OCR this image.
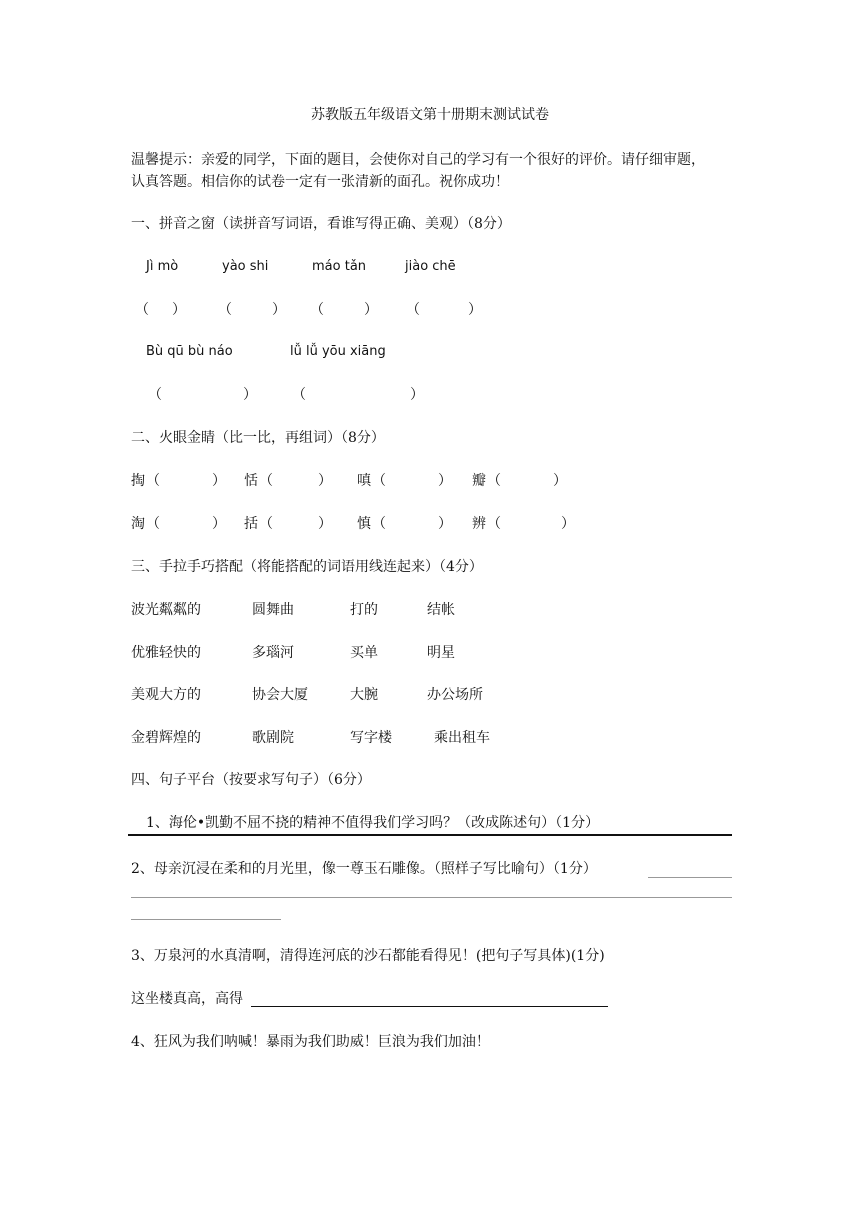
苏教版五年级语文第十册期末测试试卷
温馨提示：亲爱的同学，下面的题目，会使你对自己的学习有一个很好的评价。请仔细审题，
认真答题。相信你的试卷一定有一张清新的面孔。祝你成功！
一、拼音之窗（读拼音写词语，看谁写得正确、美观）（8分）
Jì mò	yào shi	máo tǎn	jiào chē
（ ） （	） （	） （	）
Bù qū bù náo	lǚ lǚ yōu xiāng
（	）	（	）
二、火眼金睛（比一比，再组词）（8分）
掏 （	） 恬 （	） 嗔 （	） 瓣 （	）
淘 （	） 括 （	） 慎 （	） 辨 （	）
三、手拉手巧搭配（将能搭配的词语用线连起来）（4分）
波光粼粼的	圆舞曲	打的	结帐
优雅轻快的	多瑙河	买单	明星
美观大方的	协会大厦	大腕	办公场所
金碧辉煌的	歌剧院	写字楼	乘出租车
四、句子平台（按要求写句子）（6分）
1、海伦•凯勤不屈不挠的精神不值得我们学习吗？（改成陈述句）（1分）
2、母亲沉浸在柔和的月光里，像一尊玉石雕像。（照样子写比喻句）（1分）
3、万泉河的水真清啊，清得连河底的沙石都能看得见！(把句子写具体)(1分)
这坐楼真高，高得
4、狂风为我们呐喊！暴雨为我们助威！巨浪为我们加油！
